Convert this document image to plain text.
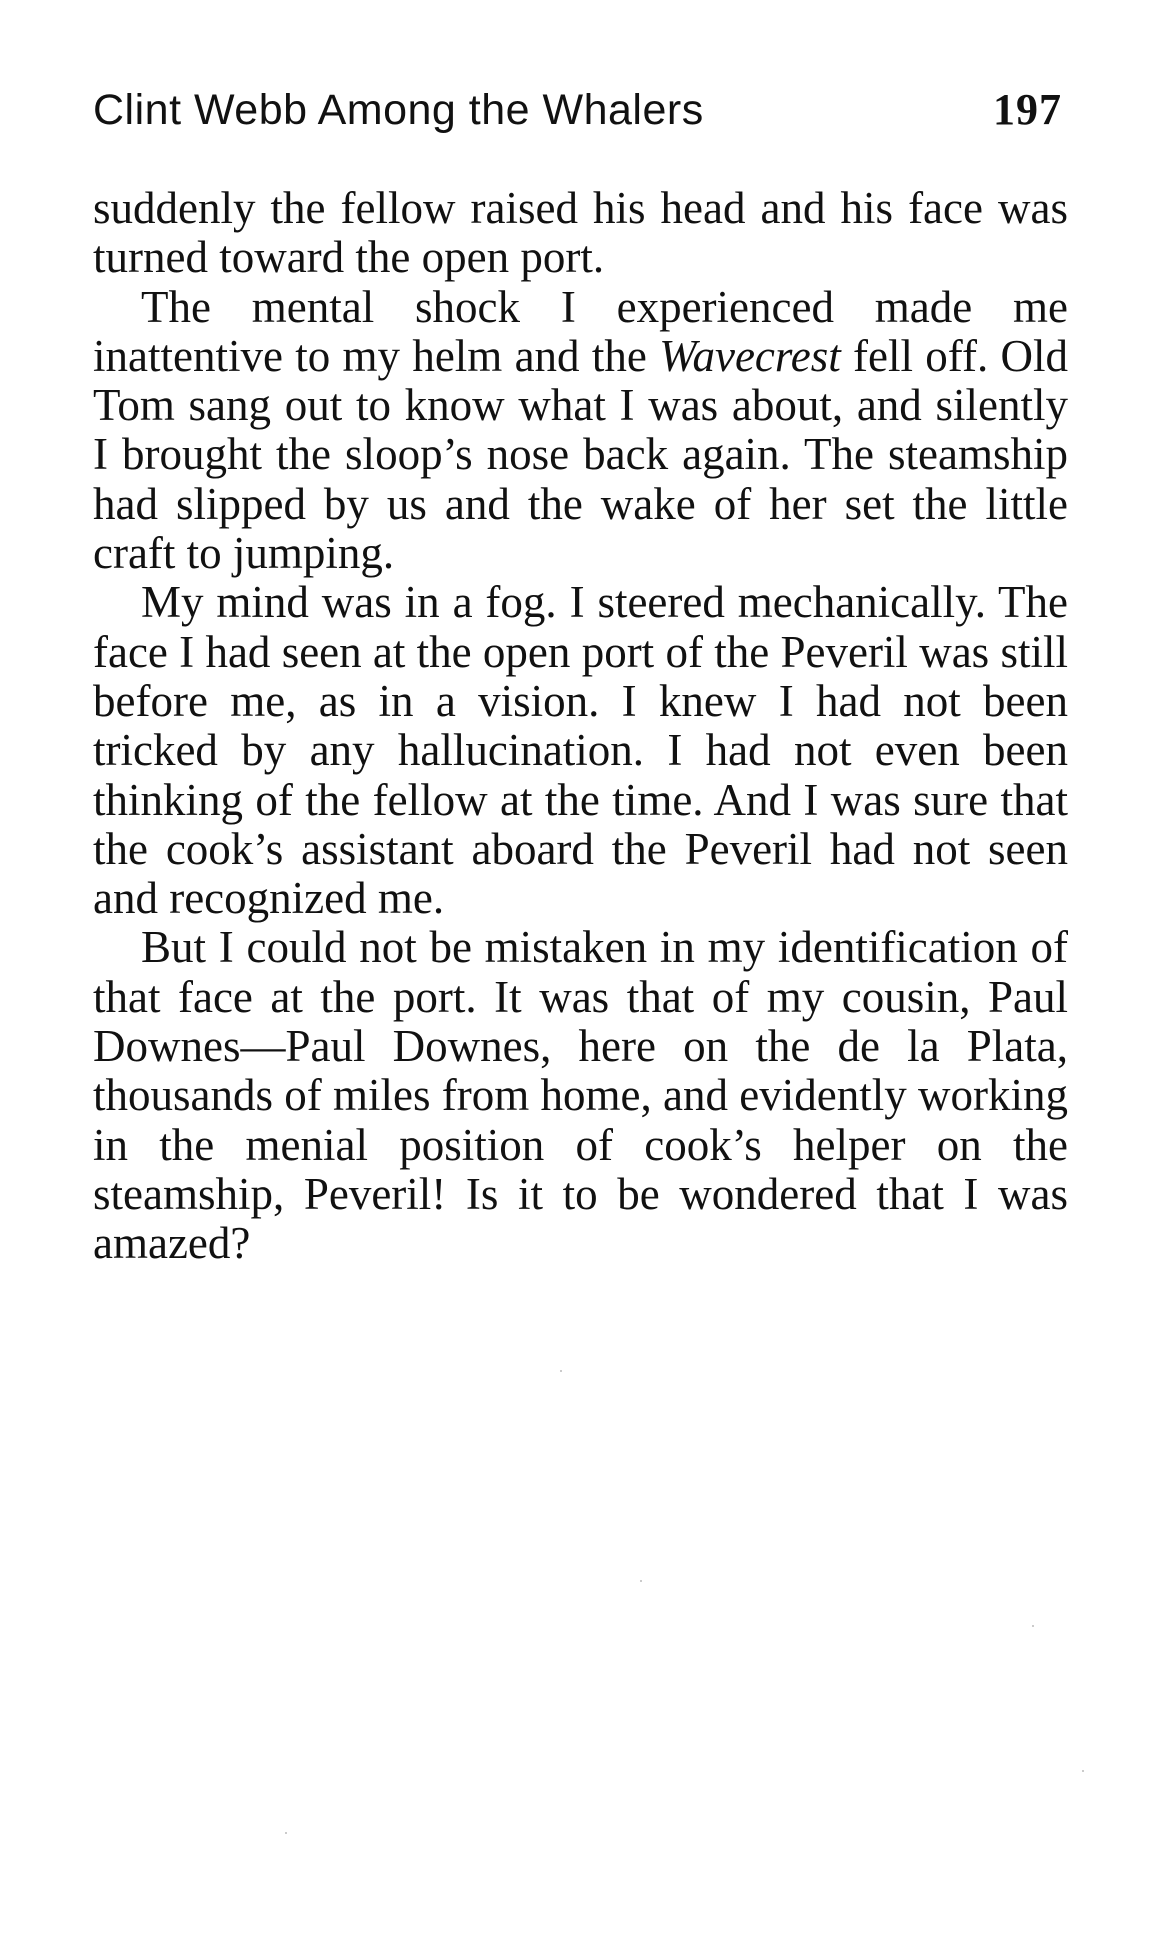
Clint Webb Among the Whalers	197

suddenly the fellow raised his head and his face was turned toward the open port.

The mental shock I experienced made me inattentive to my helm and the Wavecrest fell off. Old Tom sang out to know what I was about, and silently I brought the sloop’s nose back again. The steamship had slipped by us and the wake of her set the little craft to jumping.

My mind was in a fog. I steered mechanically. The face I had seen at the open port of the Peveril was still before me, as in a vision. I knew I had not been tricked by any hallucination. I had not even been thinking of the fellow at the time. And I was sure that the cook’s assistant aboard the Peveril had not seen and recognized me.

But I could not be mistaken in my identification of that face at the port. It was that of my cousin, Paul Downes—Paul Downes, here on the de la Plata, thousands of miles from home, and evidently working in the menial position of cook’s helper on the steamship, Peveril! Is it to be wondered that I was amazed?
